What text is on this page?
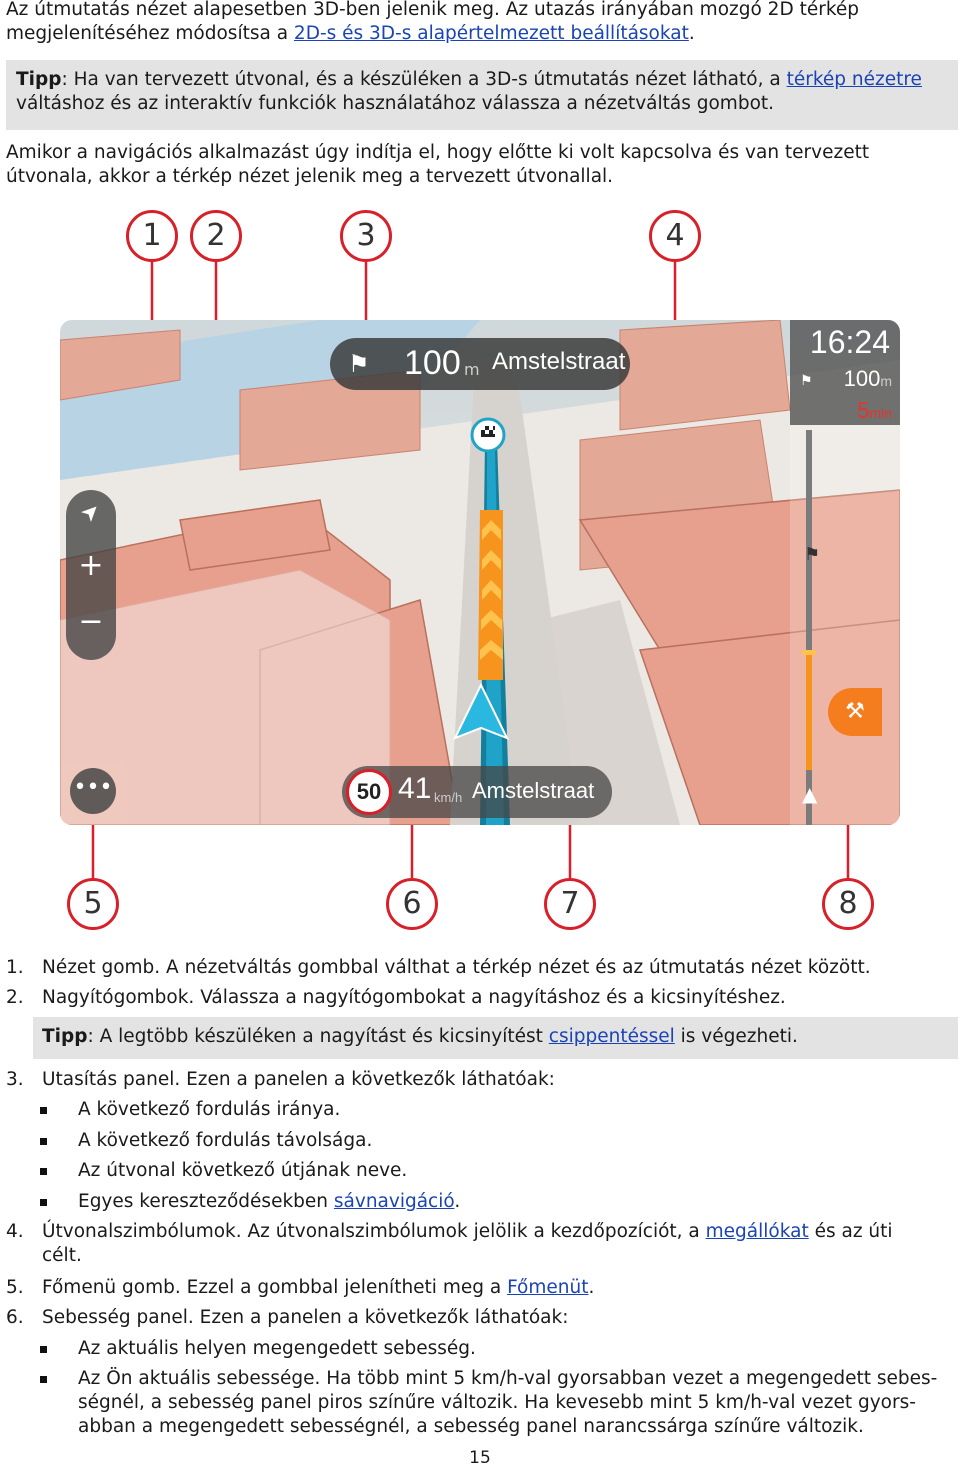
Az útmutatás nézet alapesetben 3D-ben jelenik meg. Az utazás irányában mozgó 2D térkép
megjelenítéséhez módosítsa a 2D-s és 3D-s alapértelmezett beállításokat.

Tipp: Ha van tervezett útvonal, és a készüléken a 3D-s útmutatás nézet látható, a térkép nézetre
váltáshoz és az interaktív funkciók használatához válassza a nézetváltás gombot.

Amikor a navigációs alkalmazást úgy indítja el, hogy előtte ki volt kapcsolva és van tervezett
útvonala, akkor a térkép nézet jelenik meg a tervezett útvonallal.

1	2	3	4
5	6	7	8
⚑ 100 m Amstelstraat
16:24
⚑ 100m
5min
⚑
➤
+
−
•••	50 41 km/h Amstelstraat
⚒
▲
1. Nézet gomb. A nézetváltás gombbal válthat a térkép nézet és az útmutatás nézet között.
2. Nagyítógombok. Válassza a nagyítógombokat a nagyításhoz és a kicsinyítéshez.
Tipp: A legtöbb készüléken a nagyítást és kicsinyítést csippentéssel is végezheti.
3. Utasítás panel. Ezen a panelen a következők láthatóak:
A következő fordulás iránya.
A következő fordulás távolsága.
Az útvonal következő útjának neve.
Egyes kereszteződésekben sávnavigáció.
4. Útvonalszimbólumok. Az útvonalszimbólumok jelölik a kezdőpozíciót, a megállókat és az úti
célt.
5. Főmenü gomb. Ezzel a gombbal jelenítheti meg a Főmenüt.
6. Sebesség panel. Ezen a panelen a következők láthatóak:
Az aktuális helyen megengedett sebesség.
Az Ön aktuális sebessége. Ha több mint 5 km/h-val gyorsabban vezet a megengedett sebes-
ségnél, a sebesség panel piros színűre változik. Ha kevesebb mint 5 km/h-val vezet gyors-
abban a megengedett sebességnél, a sebesség panel narancssárga színűre változik.
15
